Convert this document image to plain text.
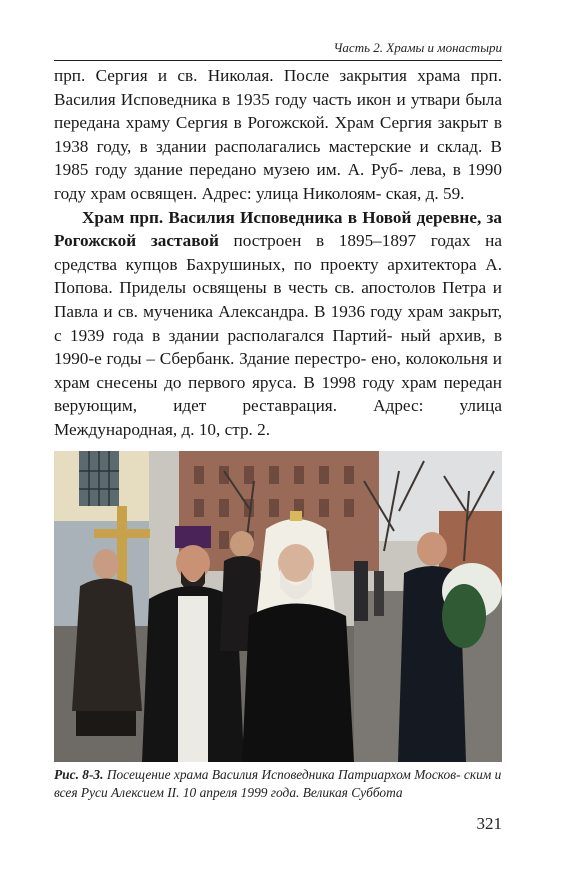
Часть 2. Храмы и монастыри

прп. Сергия и св. Николая. После закрытия храма прп. Василия Исповедника в 1935 году часть икон и утвари была передана храму Сергия в Рогожской. Храм Сергия закрыт в 1938 году, в здании располагались мастерские и склад. В 1985 году здание передано музею им. А. Руб- лева, в 1990 году храм освящен. Адрес: улица Николоям- ская, д. 59.

Храм прп. Василия Исповедника в Новой деревне, за Рогожской заставой построен в 1895–1897 годах на средства купцов Бахрушиных, по проекту архитектора А. Попова. Приделы освящены в честь св. апостолов Петра и Павла и св. мученика Александра. В 1936 году храм закрыт, с 1939 года в здании располагался Партий- ный архив, в 1990-е годы – Сбербанк. Здание перестро- ено, колокольня и храм снесены до первого яруса. В 1998 году храм передан верующим, идет реставрация. Адрес: улица Международная, д. 10, стр. 2.

Рис. 8-3. Посещение храма Василия Исповедника Патриархом Москов- ским и всея Руси Алексием II. 10 апреля 1999 года. Великая Суббота
321
